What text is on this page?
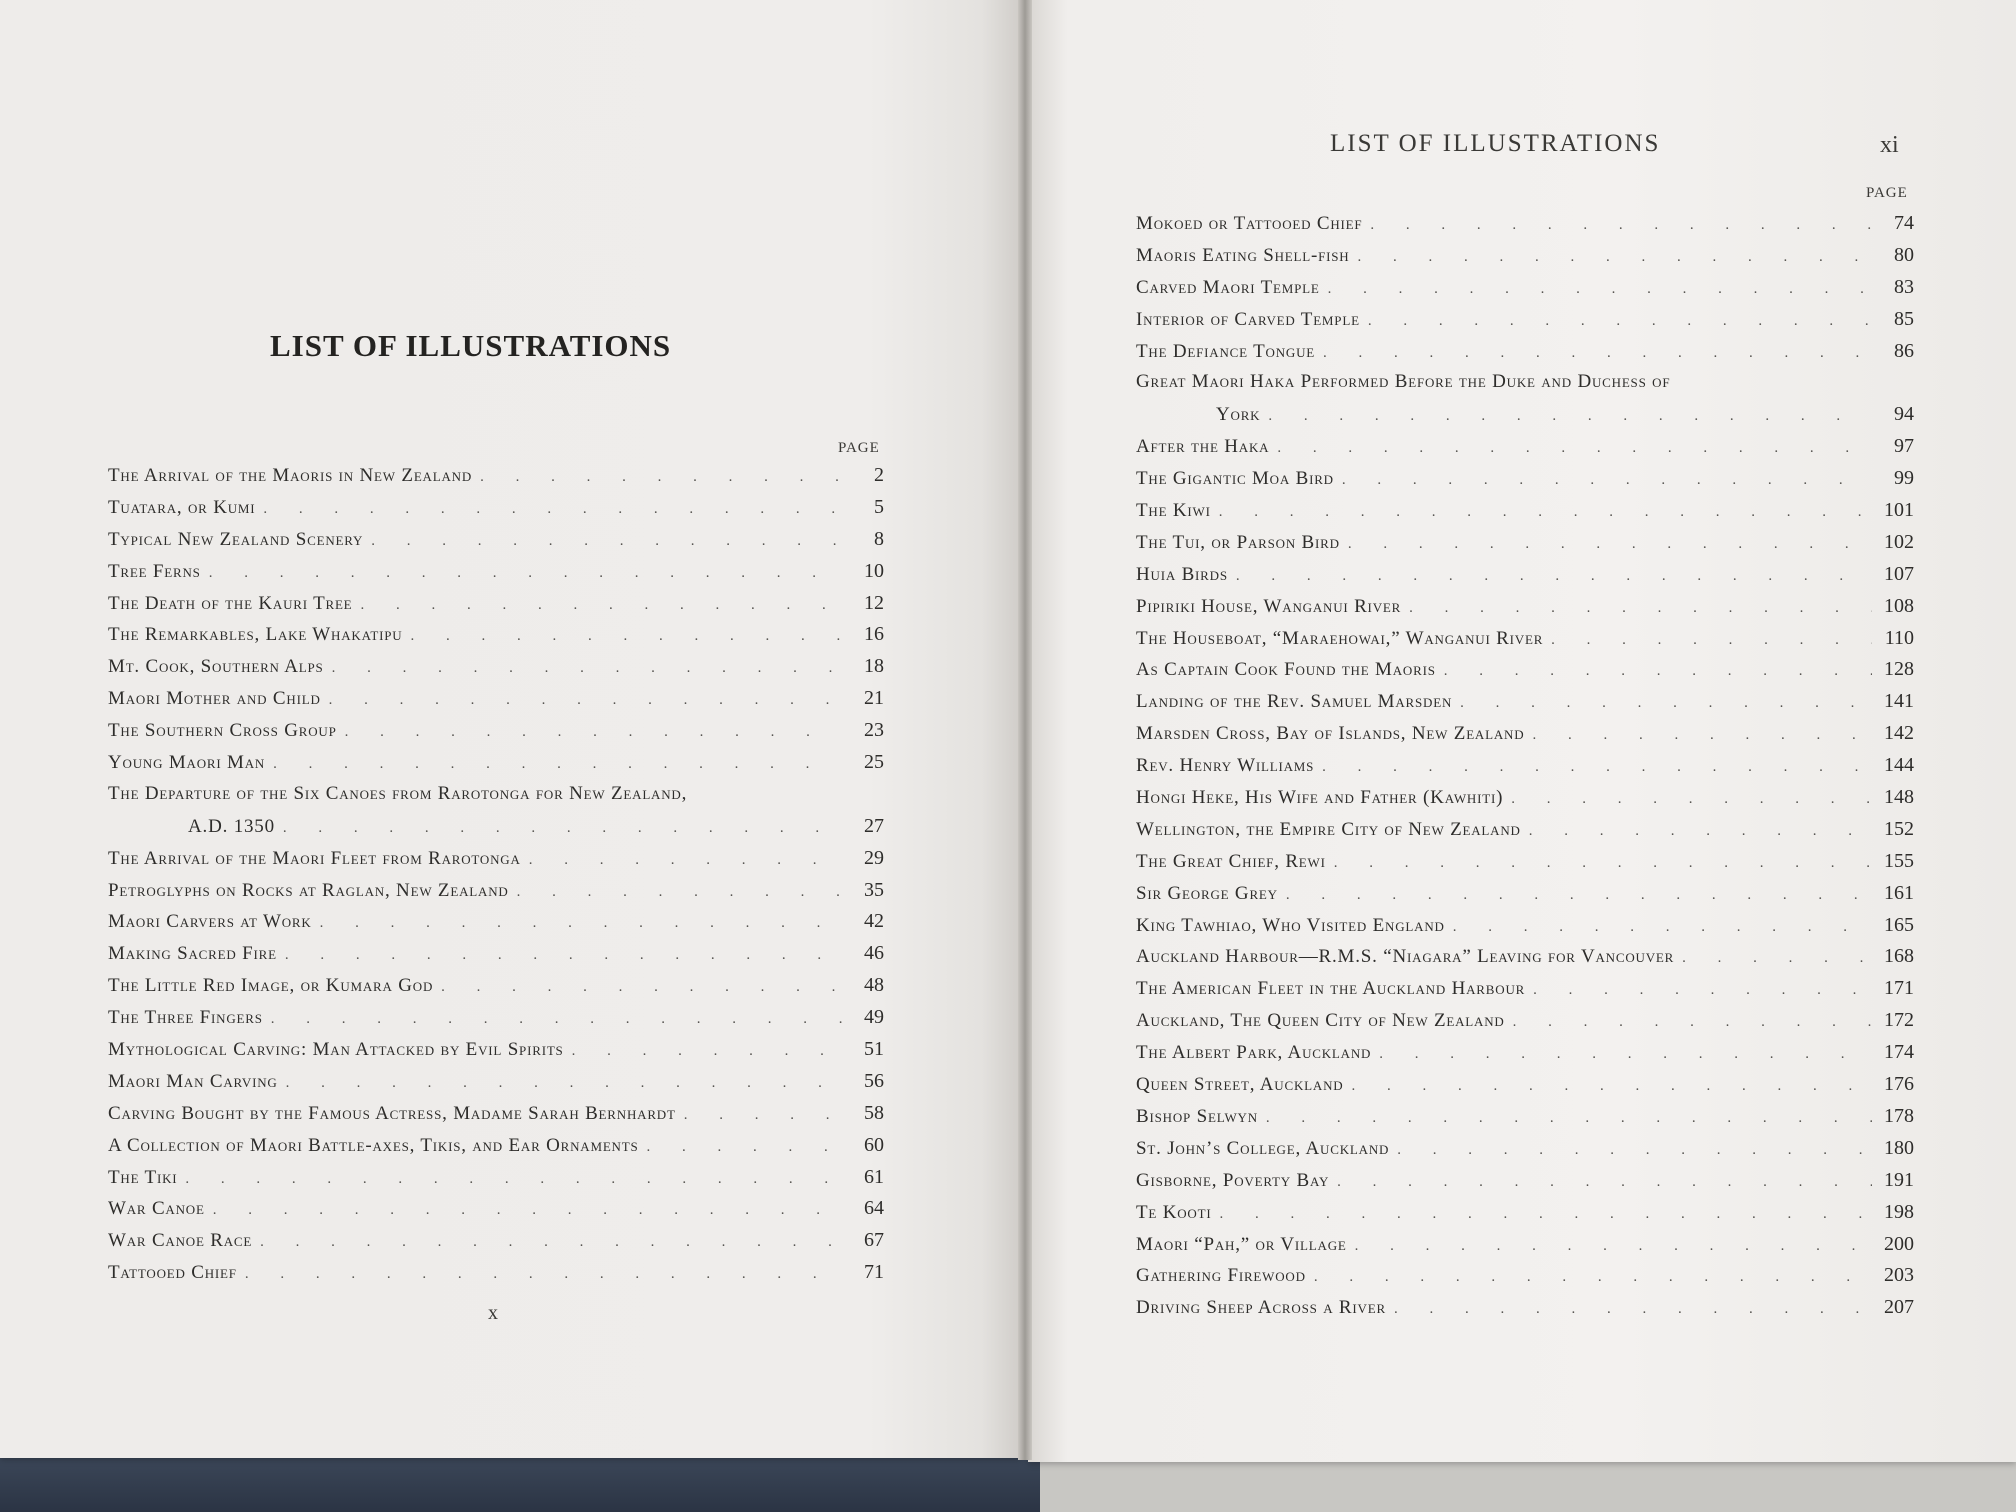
LIST OF ILLUSTRATIONS
PAGE
The Arrival of the Maoris in New Zealand . . .	2
Tuatara, or Kumi . . .	5
Typical New Zealand Scenery . . .	8
Tree Ferns . . .	10
The Death of the Kauri Tree . . .	12
The Remarkables, Lake Whakatipu . . .	16
Mt. Cook, Southern Alps . . .	18
Maori Mother and Child . . .	21
The Southern Cross Group . . .	23
Young Maori Man . . .	25
The Departure of the Six Canoes from Rarotonga for New Zealand,
A.D. 1350 . . .	27
The Arrival of the Maori Fleet from Rarotonga . . .	29
Petroglyphs on Rocks at Raglan, New Zealand . . .	35
Maori Carvers at Work . . .	42
Making Sacred Fire . . .	46
The Little Red Image, or Kumara God . . .	48
The Three Fingers . . .	49
Mythological Carving: Man Attacked by Evil Spirits . . .	51
Maori Man Carving . . .	56
Carving Bought by the Famous Actress, Madame Sarah Bernhardt . . .	58
A Collection of Maori Battle-axes, Tikis, and Ear Ornaments . . .	60
The Tiki . . .	61
War Canoe . . .	64
War Canoe Race . . .	67
Tattooed Chief . . .	71
x
LIST OF ILLUSTRATIONS	xi
PAGE
Mokoed or Tattooed Chief . . .	74
Maoris Eating Shell-fish . . .	80
Carved Maori Temple . . .	83
Interior of Carved Temple . . .	85
The Defiance Tongue . . .	86
Great Maori Haka Performed Before the Duke and Duchess of
York . . .	94
After the Haka . . .	97
The Gigantic Moa Bird . . .	99
The Kiwi . . .	101
The Tui, or Parson Bird . . .	102
Huia Birds . . .	107
Pipiriki House, Wanganui River . . .	108
The Houseboat, “Maraehowai,” Wanganui River . . .	110
As Captain Cook Found the Maoris . . .	128
Landing of the Rev. Samuel Marsden . . .	141
Marsden Cross, Bay of Islands, New Zealand . . .	142
Rev. Henry Williams . . .	144
Hongi Heke, His Wife and Father (Kawhiti) . . .	148
Wellington, the Empire City of New Zealand . . .	152
The Great Chief, Rewi . . .	155
Sir George Grey . . .	161
King Tawhiao, Who Visited England . . .	165
Auckland Harbour—R.M.S. “Niagara” Leaving for Vancouver . . .	168
The American Fleet in the Auckland Harbour . . .	171
Auckland, The Queen City of New Zealand . . .	172
The Albert Park, Auckland . . .	174
Queen Street, Auckland . . .	176
Bishop Selwyn . . .	178
St. John’s College, Auckland . . .	180
Gisborne, Poverty Bay . . .	191
Te Kooti . . .	198
Maori “Pah,” or Village . . .	200
Gathering Firewood . . .	203
Driving Sheep Across a River . . .	207
